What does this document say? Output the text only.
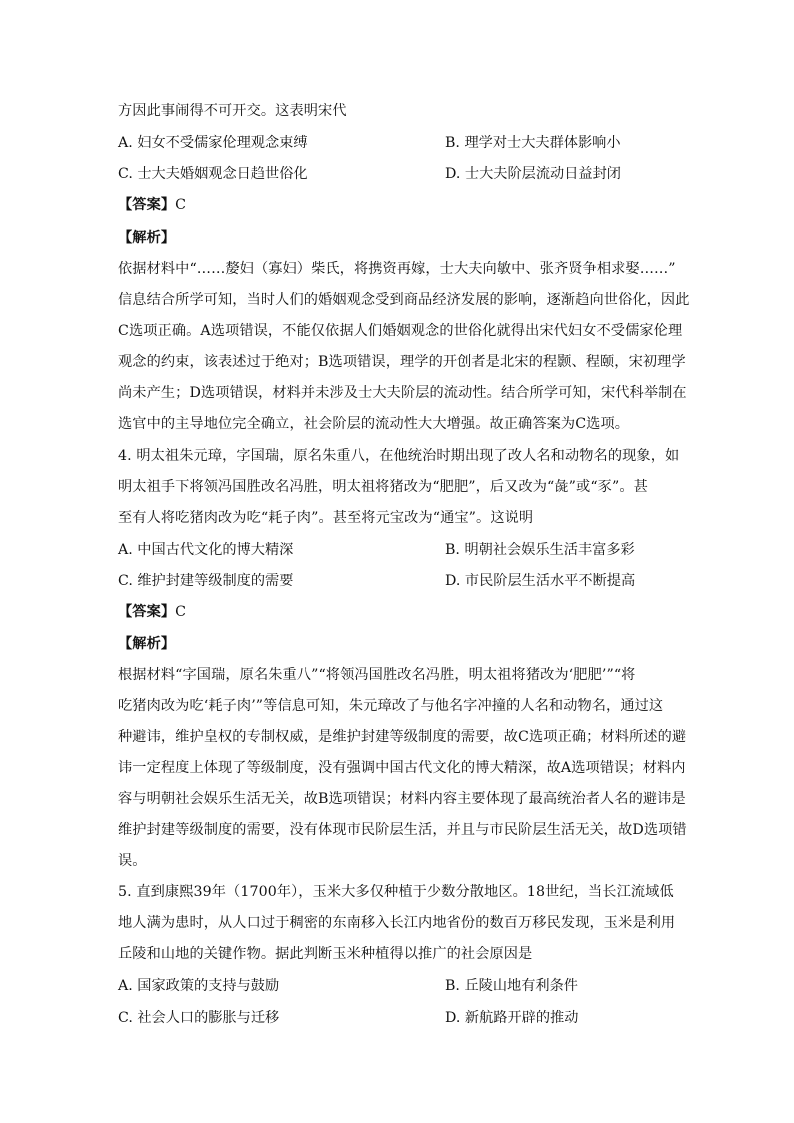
方因此事闹得不可开交。这表明宋代
A. 妇女不受儒家伦理观念束缚	B. 理学对士大夫群体影响小
C. 士大夫婚姻观念日趋世俗化	D. 士大夫阶层流动日益封闭
【答案】C
【解析】
依据材料中“……嫠妇（寡妇）柴氏，将携资再嫁，士大夫向敏中、张齐贤争相求娶……”
信息结合所学可知，当时人们的婚姻观念受到商品经济发展的影响，逐渐趋向世俗化，因此
C选项正确。A选项错误，不能仅依据人们婚姻观念的世俗化就得出宋代妇女不受儒家伦理
观念的约束，该表述过于绝对；B选项错误，理学的开创者是北宋的程颢、程颐，宋初理学
尚未产生；D选项错误，材料并未涉及士大夫阶层的流动性。结合所学可知，宋代科举制在
选官中的主导地位完全确立，社会阶层的流动性大大增强。故正确答案为C选项。
4. 明太祖朱元璋，字国瑞，原名朱重八，在他统治时期出现了改人名和动物名的现象，如
明太祖手下将领冯国胜改名冯胜，明太祖将猪改为“肥肥”，后又改为“彘”或“豕”。甚
至有人将吃猪肉改为吃“耗子肉”。甚至将元宝改为“通宝”。这说明
A. 中国古代文化的博大精深	B. 明朝社会娱乐生活丰富多彩
C. 维护封建等级制度的需要	D. 市民阶层生活水平不断提高
【答案】C
【解析】
根据材料“字国瑞，原名朱重八”“将领冯国胜改名冯胜，明太祖将猪改为‘肥肥’”“将
吃猪肉改为吃‘耗子肉’”等信息可知，朱元璋改了与他名字冲撞的人名和动物名，通过这
种避讳，维护皇权的专制权威，是维护封建等级制度的需要，故C选项正确；材料所述的避
讳一定程度上体现了等级制度，没有强调中国古代文化的博大精深，故A选项错误；材料内
容与明朝社会娱乐生活无关，故B选项错误；材料内容主要体现了最高统治者人名的避讳是
维护封建等级制度的需要，没有体现市民阶层生活，并且与市民阶层生活无关，故D选项错
误。
5. 直到康熙39年（1700年），玉米大多仅种植于少数分散地区。18世纪，当长江流域低
地人满为患时，从人口过于稠密的东南移入长江内地省份的数百万移民发现，玉米是利用
丘陵和山地的关键作物。据此判断玉米种植得以推广的社会原因是
A. 国家政策的支持与鼓励	B. 丘陵山地有利条件
C. 社会人口的膨胀与迁移	D. 新航路开辟的推动
